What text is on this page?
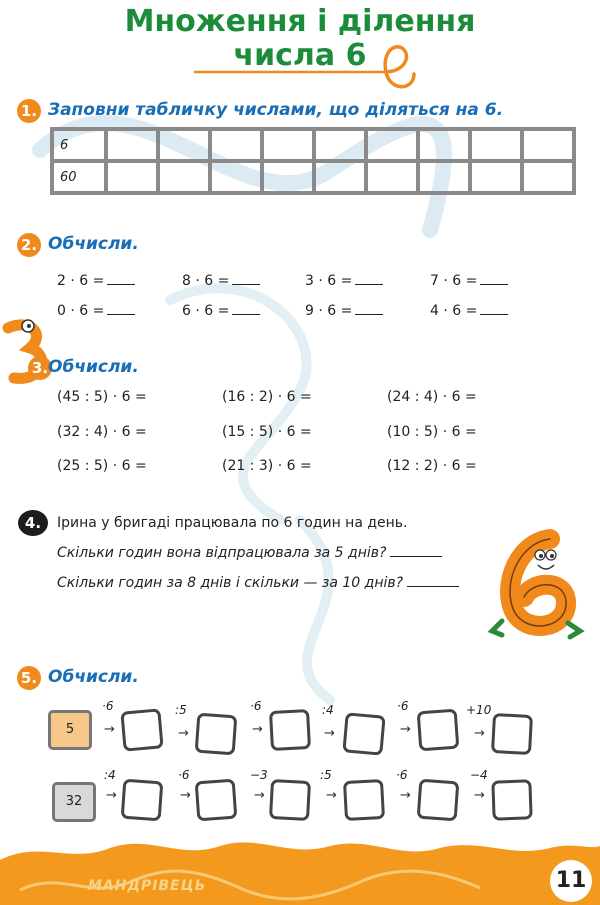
Множення і ділення
числа 6
1. Заповни табличку числами, що діляться на 6.
6									
60									
2. Обчисли.
2 · 6 =	8 · 6 =	3 · 6 =	7 · 6 =
0 · 6 =	6 · 6 =	9 · 6 =	4 · 6 =
3. Обчисли.
(45 : 5) · 6 =	(16 : 2) · 6 =	(24 : 4) · 6 =
(32 : 4) · 6 =	(15 : 5) · 6 =	(10 : 5) · 6 =
(25 : 5) · 6 =	(21 : 3) · 6 =	(12 : 2) · 6 =
4.	Ірина у бригаді працювала по 6 годин на день.
Скільки годин вона відпрацювала за 5 днів?
Скільки годин за 8 днів і скільки — за 10 днів?
5. Обчисли.
5
·6	:5	·6	:4	·6	+10
→	→	→	→	→	→
32
:4	·6	−3	:5	·6	−4
→	→	→	→	→	→
МАНДРІВЕЦЬ	11
